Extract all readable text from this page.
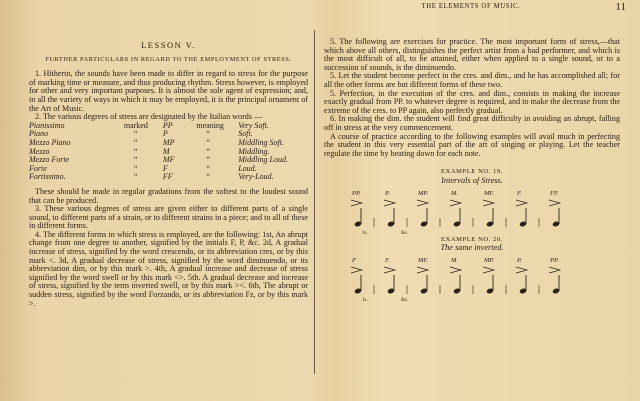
THE ELEMENTS OF MUSIC.	11
LESSON V.
FURTHER PARTICULARS IN REGARD TO THE EMPLOYMENT OF STRESS.

1. Hitherto, the sounds have been made to differ in regard to stress for the purpose of marking time or measure, and thus producing rhythm. Stress however, is employed for other and very important purposes. It is almost the sole agent of expression; and, in all the variety of ways in which it may be employed, it is the principal ornament of the Art of Music.

2. The various degrees of stress are designated by the Italian words —

Pianissimo	marked	PP	meaning	Very Soft.
Piano	“	P	“	Soft.
Mezzo Piano	“	MP	“	Middling Soft.
Mezzo	“	M	“	Middling.
Mezzo Forte	“	MF	“	Middling Loud.
Forte	“	F	“	Loud.
Fortissimo.	“	FF	“	Very-Loud.

These should be made in regular gradations from the softest to the loudest sound that can be produced.

3. These various degrees of stress are given either to different parts of a single sound, to different parts of a strain, or to different strains in a piece; and to all of these in different forms.

4. The different forms in which stress is employed, are the following: 1st, An abrupt change from one degree to another, signified by the initials F, P, &c. 2d, A gradual increase of stress, signified by the word crescendo, or its abbreviation cres, or by this mark <. 3d, A gradual decrease of stress, signified by the word diminuendo, or its abbreviation dim, or by this mark >. 4th, A gradual increase and decrease of stress signified by the word swell or by this mark <>. 5th. A gradual decrease and increase of stress, signified by the term inverted swell, or by this mark ><. 6th, The abrupt or sudden stress, signified by the word Forzando, or its abbreviation Fz, or by this mark >.

5. The following are exercises for practice. The most important form of stress,—that which above all others, distinguishes the perfect artist from a bad performer, and which is the most difficult of all, to be attained, either when applied to a single sound, or to a succession of sounds, is the diminuendo.

5. Let the student become perfect in the cres. and dim., and he has accomplished all; for all the other forms are but different forms of these two.

5. Perfection, in the execution of the cres. and dim., consists in making the increase exactly gradual from PP. to whatever degree is required, and to make the decrease from the extreme of the cres. to PP again, also perfectly gradual.

6. In making the dim. the student will find great difficulty in avoiding an abrupt, falling off in stress at the very commencement.

A course of practice according to the following examples will avail much in perfecting the student in this very essential part of the art of singing or playing. Let the teacher regulate the time by beating down for each note.

EXAMPLE NO. 19.
Intervals of Stress.
PP.	P.	MP.	M.	MF.	F.	FF.
1s.	&c.
EXAMPLE NO. 20.
The same inverted.
F	F.	MF.	M.	MP.	P.	PP.
1s.	&c.
